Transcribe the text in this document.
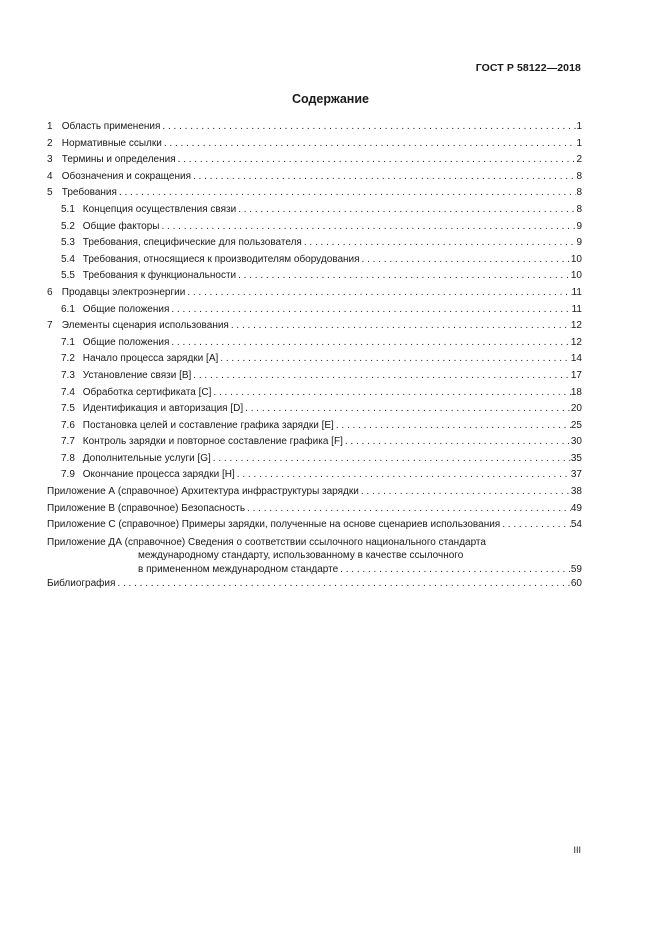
ГОСТ Р 58122—2018
Содержание
1 Область применения . . .	1
2 Нормативные ссылки . . .	1
3 Термины и определения . . .	2
4 Обозначения и сокращения . . .	8
5 Требования . . .	8
5.1 Концепция осуществления связи . . .	8
5.2 Общие факторы . . .	9
5.3 Требования, специфические для пользователя . . .	9
5.4 Требования, относящиеся к производителям оборудования . . .	10
5.5 Требования к функциональности . . .	10
6 Продавцы электроэнергии . . .	11
6.1 Общие положения . . .	11
7 Элементы сценария использования . . .	12
7.1 Общие положения . . .	12
7.2 Начало процесса зарядки [A] . . .	14
7.3 Установление связи [B] . . .	17
7.4 Обработка сертификата [C] . . .	18
7.5 Идентификация и авторизация [D] . . .	20
7.6 Постановка целей и составление графика зарядки [E] . . .	25
7.7 Контроль зарядки и повторное составление графика [F] . . .	30
7.8 Дополнительные услуги [G] . . .	35
7.9 Окончание процесса зарядки [H] . . .	37
Приложение А (справочное) Архитектура инфраструктуры зарядки . . .	38
Приложение В (справочное) Безопасность . . .	49
Приложение С (справочное) Примеры зарядки, полученные на основе сценариев использования . . .	54
Приложение ДА (справочное) Сведения о соответствии ссылочного национального стандарта
международному стандарту, использованному в качестве ссылочного
в примененном международном стандарте . . .	59
Библиография . . .	60
III
